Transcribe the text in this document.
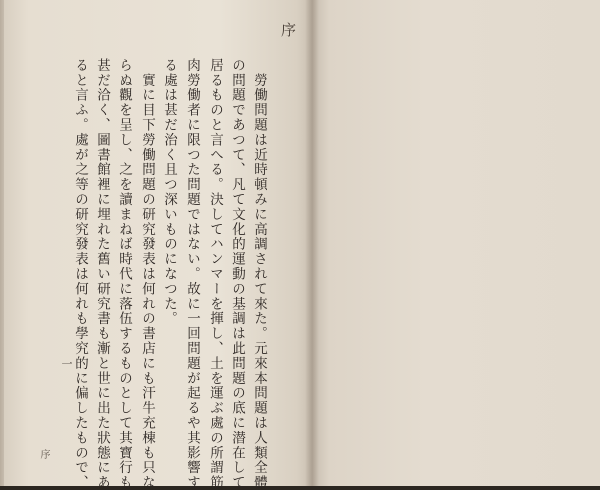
序
　勞働問題は近時頓みに高調されて來た。元來本問題は人類全體
の問題であつて、凡て文化的運動の基調は此問題の底に潜在して
居るものと言へる。決してハンマーを揮し、土を運ぶ處の所謂筋
肉勞働者に限つた問題ではない。故に一回問題が起るや其影響す
る處は甚だ治く且つ深いものになつた。
　實に目下勞働問題の研究發表は何れの書店にも汗牛充棟も只な
らぬ觀を呈し、之を讀まねば時代に落伍するものとして其寶行も
甚だ洽く、圖書館裡に埋れた舊い研究書も漸と世に出た狀態にあ
ると言ふ。處が之等の研究發表は何れも學究的に偏したもので、
一
序
